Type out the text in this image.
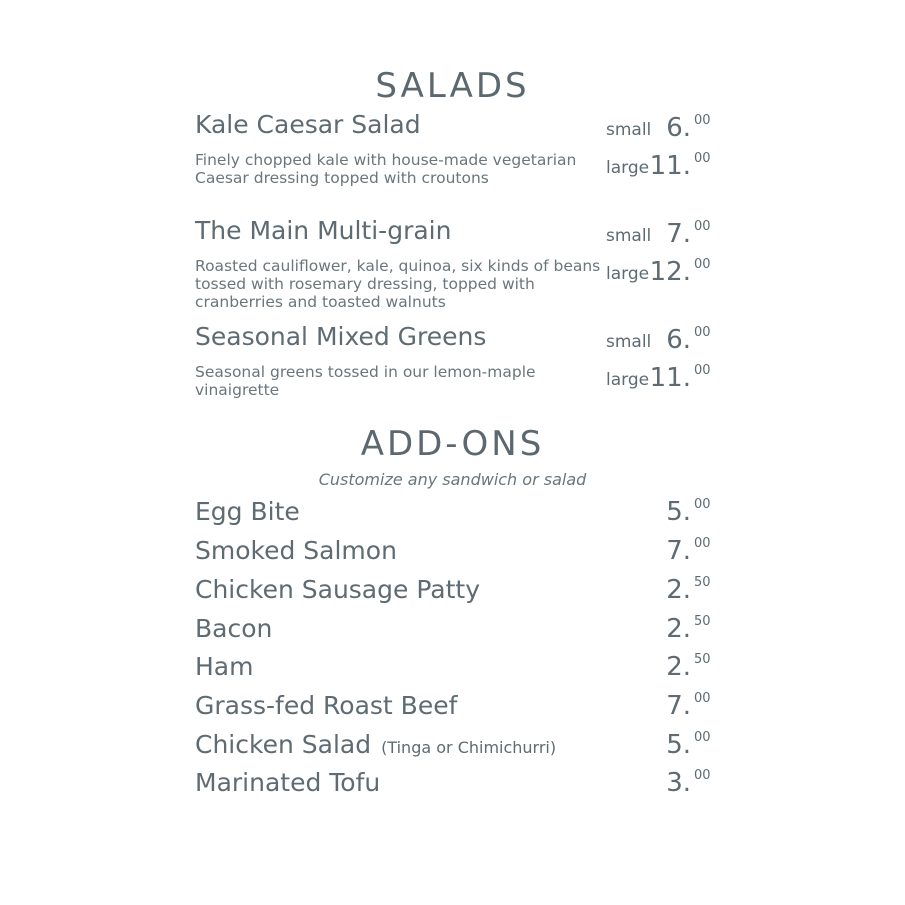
SALADS
Kale Caesar Salad	small 6. 00
Finely chopped kale with house-made vegetarian Caesar dressing topped with croutons	large 11. 00
The Main Multi-grain	small 7. 00
Roasted cauliflower, kale, quinoa, six kinds of beans tossed with rosemary dressing, topped with cranberries and toasted walnuts
large 12. 00
Seasonal Mixed Greens	small 6. 00
Seasonal greens tossed in our lemon-maple vinaigrette	large 11. 00
ADD-ONS
Customize any sandwich or salad
Egg Bite	5. 00
Smoked Salmon	7. 00
Chicken Sausage Patty	2. 50
Bacon	2. 50
Ham	2. 50
Grass-fed Roast Beef	7. 00
Chicken Salad (Tinga or Chimichurri)	5. 00
Marinated Tofu	3. 00
